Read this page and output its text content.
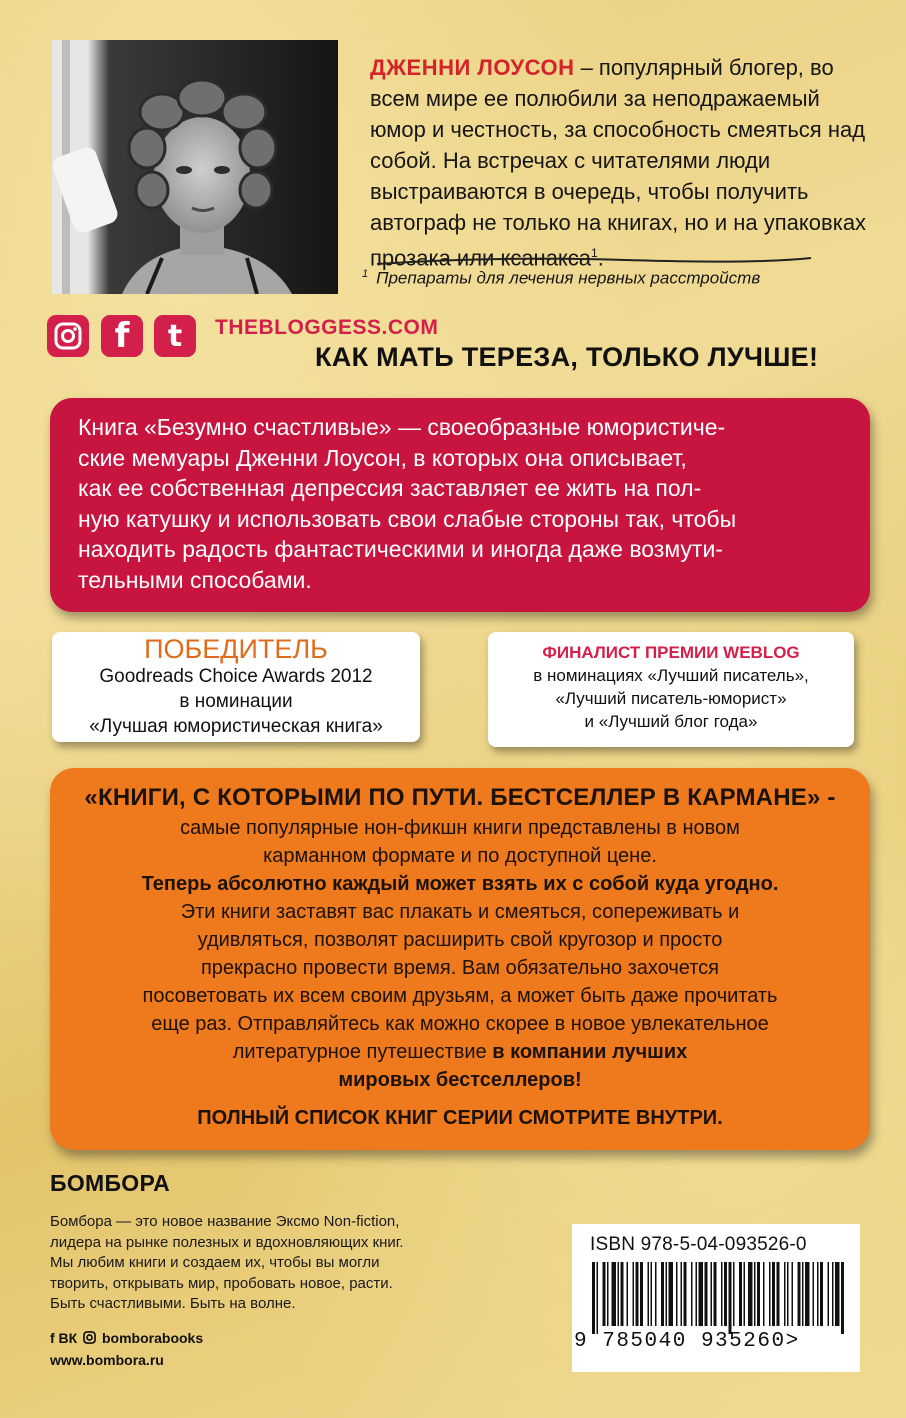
ДЖЕННИ ЛОУСОН – популярный блогер, во всем мире ее полюбили за неподражаемый юмор и честность, за способность смеяться над собой. На встречах с читателями люди выстраиваются в очередь, чтобы получить автограф не только на книгах, но и на упаковках прозака или ксанакса$^1$.
$^1$ Препараты для лечения нервных расстройств
f	t	THEBLOGGESS.COM
КАК МАТЬ ТЕРЕЗА, ТОЛЬКО ЛУЧШЕ!
Книга «Безумно счастливые» — своеобразные юмористиче-
ские мемуары Дженни Лоусон, в которых она описывает,
как ее собственная депрессия заставляет ее жить на пол-
ную катушку и использовать свои слабые стороны так, чтобы
находить радость фантастическими и иногда даже возмути-
тельными способами.
ПОБЕДИТЕЛЬ
Goodreads Choice Awards 2012
в номинации
«Лучшая юмористическая книга»
ФИНАЛИСТ ПРЕМИИ WEBLOG
в номинациях «Лучший писатель»,
«Лучший писатель-юморист»
и «Лучший блог года»
«КНИГИ, С КОТОРЫМИ ПО ПУТИ. БЕСТСЕЛЛЕР В КАРМАНЕ» -
самые популярные нон-фикшн книги представлены в новом
карманном формате и по доступной цене.
Теперь абсолютно каждый может взять их с собой куда угодно.
Эти книги заставят вас плакать и смеяться, сопереживать и
удивляться, позволят расширить свой кругозор и просто
прекрасно провести время. Вам обязательно захочется
посоветовать их всем своим друзьям, а может быть даже прочитать
еще раз. Отправляйтесь как можно скорее в новое увлекательное
литературное путешествие в компании лучших
мировых бестселлеров!
ПОЛНЫЙ СПИСОК КНИГ СЕРИИ СМОТРИТЕ ВНУТРИ.
БОМБОРА
Бомбора — это новое название Эксмо Non-fiction,
лидера на рынке полезных и вдохновляющих книг.
Мы любим книги и создаем их, чтобы вы могли
творить, открывать мир, пробовать новое, расти.
Быть счастливыми. Быть на волне.
f ВК bomborabooks
www.bombora.ru
ISBN 978-5-04-093526-0
9 785040 935260>
